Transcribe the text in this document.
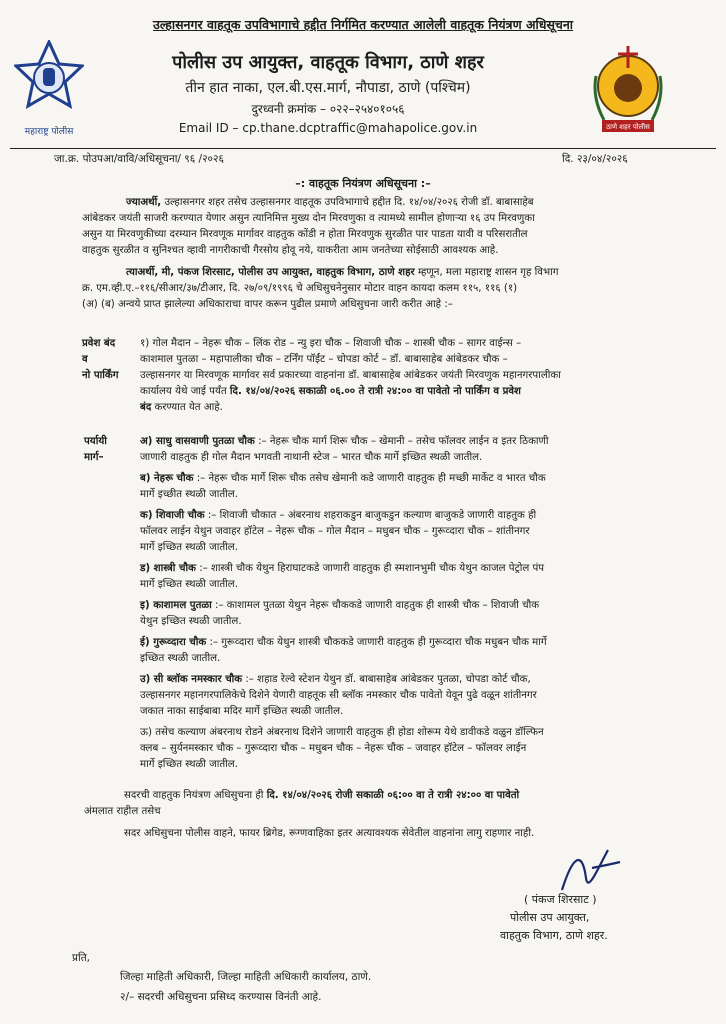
उल्हासनगर वाहतूक उपविभागाचे हद्दीत निर्गमित करण्यात आलेली वाहतूक नियंत्रण अधिसूचना
महाराष्ट्र पोलीस	ठाणे शहर पोलीस
पोलीस उप आयुक्त, वाहतूक विभाग, ठाणे शहर
तीन हात नाका, एल.बी.एस.मार्ग, नौपाडा, ठाणे (पश्चिम)
दुरध्वनी क्रमांक – ०२२–२५४०१०५६
Email ID – cp.thane.dcptraffic@mahapolice.gov.in
जा.क्र. पोउपआ/वावि/अधिसूचना/ ९६ /२०२६	दि. २३/०४/२०२६
–: वाहतूक नियंत्रण अधिसूचना :–
ज्याअर्थी, उल्हासनगर शहर तसेच उल्हासनगर वाहतूक उपविभागाचे हद्दीत दि. १४/०४/२०२६ रोजी डॉ. बाबासाहेब
आंबेडकर जयंती साजरी करण्यात येणार असुन त्यानिमित्त मुख्य दोन मिरवणुका व त्यामध्ये सामील होणाऱ्या १६ उप मिरवणुका
असुन या मिरवणुकीच्या दरम्यान मिरवणूक मार्गावर वाहतुक कोंडी न होता मिरवणुक सुरळीत पार पाडता यावी व परिसरातील
वाहतुक सुरळीत व सुनिश्चत व्हावी नागरीकाची गैरसोय होवू नये, याकरीता आम जनतेच्या सोईसाठी आवश्यक आहे.
त्याअर्थी, मी, पंकज शिरसाट, पोलीस उप आयुक्त, वाहतुक विभाग, ठाणे शहर म्हणून, मला महाराष्ट्र शासन गृह विभाग
क्र. एम.व्ही.ए.–११६/सीआर/३७/टीआर, दि. २७/०९/१९९६ चे अधिसुचनेनुसार मोटार वाहन कायदा कलम ११५, ११६ (१)
(अ) (ब) अन्वये प्राप्त झालेल्या अधिकाराचा वापर करून पुढील प्रमाणे अधिसुचना जारी करीत आहे :–
प्रवेश बंद
व
नो पार्किंग
१) गोल मैदान – नेहरू चौक – लिंक रोड – न्यु इरा चौक – शिवाजी चौक – शास्त्री चौक – सागर वाईन्स –
काशमाल पुतळा – महापालीका चौक – टर्निंग पॉईंट – चोपडा कोर्ट – डॉ. बाबासाहेब आंबेडकर चौक –
उल्हासनगर या मिरवणूक मार्गावर सर्व प्रकारच्या वाहनांना डॉ. बाबासाहेब आंबेडकर जयंती मिरवणुक महानगरपालीका
कार्यालय येथे जाई पर्यंत दि. १४/०४/२०२६ सकाळी ०६.०० ते रात्री २४:०० वा पावेतो नो पार्किंग व प्रवेश
बंद करण्यात येत आहे.
पर्यायी
मार्ग–
अ) साधु वासवाणी पुतळा चौक :– नेहरू चौक मार्ग शिरू चौक – खेमानी – तसेच फॉलवर लाईन व इतर ठिकाणी
जाणारी वाहतुक ही गोल मैदान भगवती नाथानी स्टेज – भारत चौक मार्गे इच्छित स्थळी जातील.
ब) नेहरू चौक :– नेहरू चौक मार्गे शिरू चौक तसेच खेमानी कडे जाणारी वाहतुक ही मच्छी मार्केट व भारत चौक
मार्गे इच्छीत स्थळी जातील.
क) शिवाजी चौक :– शिवाजी चौकात – अंबरनाथ शहराकडुन बाजुकडुन कल्याण बाजुकडे जाणारी वाहतुक ही
फॉलवर लाईन येथुन जवाहर हॉटेल – नेहरू चौक – गोल मैदान – मधुबन चौक – गुरूव्दारा चौक – शांतीनगर
मार्गे इच्छित स्थळी जातील.
ड) शास्त्री चौक :– शास्त्री चौक येथुन हिराघाटकडे जाणारी वाहतुक ही स्मशानभुमी चौक येथुन काजल पेट्रोल पंप
मार्गे इच्छित स्थळी जातील.
इ) काशामल पुतळा :– काशामल पुतळा येथुन नेहरू चौककडे जाणारी वाहतुक ही शास्त्री चौक – शिवाजी चौक
येथुन इच्छित स्थळी जातील.
ई) गुरूव्दारा चौक :– गुरूव्दारा चौक येथुन शास्त्री चौककडे जाणारी वाहतुक ही गुरूव्दारा चौक मधुबन चौक मार्गे
इच्छित स्थळी जातील.
उ) सी ब्लॉक नमस्कार चौक :– शहाड रेल्वे स्टेशन येथुन डॉ. बाबासाहेब आंबेडकर पुतळा, चोपडा कोर्ट चौक,
उल्हासनगर महानगरपालिकेचे दिशेने येणारी वाहतूक सी ब्लॉक नमस्कार चौक पावेतो येवून पुढे वळून शांतीनगर
जकात नाका साईबाबा मदिर मार्गे इच्छित स्थळी जातील.
ऊ) तसेच कल्याण अंबरनाथ रोडने अंबरनाथ दिशेने जाणारी वाहतुक ही होडा शोरूम येथे डावीकडे वळुन डॉल्फिन
क्लब – सुर्यनमस्कार चौक – गुरूव्दारा चौक – मधुबन चौक – नेहरू चौक – जवाहर हॉटेल – फॉलवर लाईन
मार्गे इच्छित स्थळी जातील.
सदरची वाहतुक नियंत्रण अधिसुचना ही दि. १४/०४/२०२६ रोजी सकाळी ०६:०० वा ते रात्री २४:०० वा पावेतो
अंमलात राहील तसेच
सदर अधिसुचना पोलीस वाहने, फायर ब्रिगेड, रूग्णवाहिका इतर अत्यावश्यक सेवेतील वाहनांना लागु राहणार नाही.
( पंकज शिरसाट )
पोलीस उप आयुक्त,
वाहतुक विभाग, ठाणे शहर.
प्रति,
जिल्हा माहिती अधिकारी, जिल्हा माहिती अधिकारी कार्यालय, ठाणे.
२/– सदरची अधिसुचना प्रसिध्द करण्यास विनंती आहे.
